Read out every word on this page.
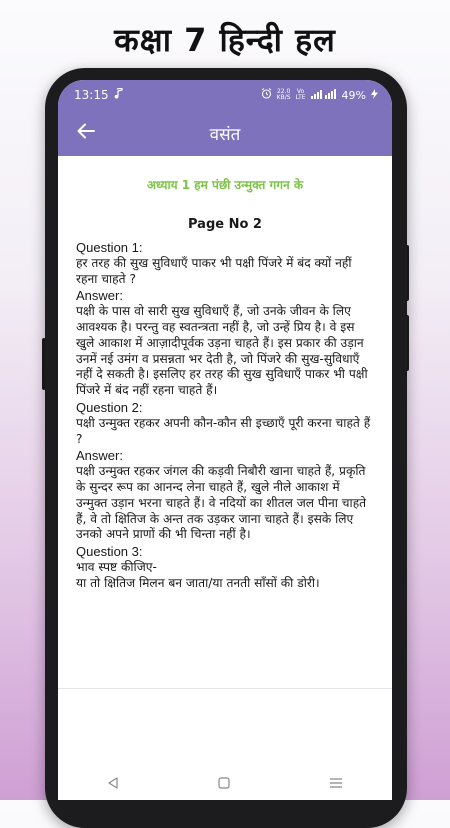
कक्षा 7 हिन्दी हल
13:15	22.0
KB/S
Vo
LTE	49%
वसंत
अध्याय 1 हम पंछी उन्मुक्त गगन के
Page No 2
Question 1:

हर तरह की सुख सुविधाएँ पाकर भी पक्षी पिंजरे में बंद क्यों नहीं रहना चाहते ?

Answer:

पक्षी के पास वो सारी सुख सुविधाएँ हैं, जो उनके जीवन के लिए आवश्यक है। परन्तु वह स्वतन्त्रता नहीं है, जो उन्हें प्रिय है। वे इस खुले आकाश में आज़ादीपूर्वक उड़ना चाहते हैं। इस प्रकार की उड़ान उनमें नई उमंग व प्रसन्नता भर देती है, जो पिंजरे की सुख-सुविधाएँ नहीं दे सकती है। इसलिए हर तरह की सुख सुविधाएँ पाकर भी पक्षी पिंजरे में बंद नहीं रहना चाहते हैं।

Question 2:

पक्षी उन्मुक्त रहकर अपनी कौन-कौन सी इच्छाएँ पूरी करना चाहते हैं ?

Answer:

पक्षी उन्मुक्त रहकर जंगल की कड़वी निबौरी खाना चाहते हैं, प्रकृति के सुन्दर रूप का आनन्द लेना चाहते हैं, खुले नीले आकाश में उन्मुक्त उड़ान भरना चाहते हैं। वे नदियों का शीतल जल पीना चाहते हैं, वे तो क्षितिज के अन्त तक उड़कर जाना चाहते हैं। इसके लिए उनको अपने प्राणों की भी चिन्ता नहीं है।

Question 3:

भाव स्पष्ट कीजिए-

या तो क्षितिज मिलन बन जाता/या तनती साँसों की डोरी।
